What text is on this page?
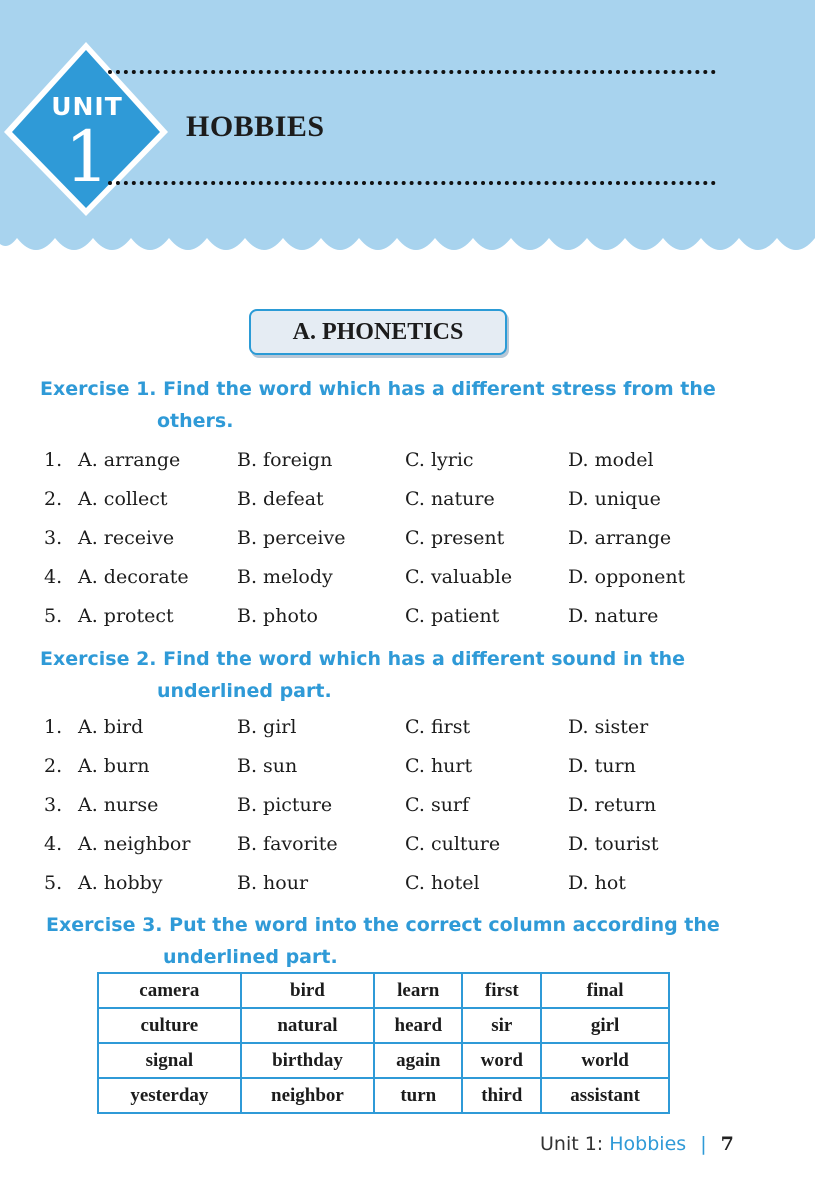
UNIT
1	HOBBIES
A. PHONETICS
Exercise 1. Find the word which has a different stress from the
others.
1. A. arrange	B. foreign	C. lyric	D. model
2. A. collect	B. defeat	C. nature	D. unique
3. A. receive	B. perceive	C. present	D. arrange
4. A. decorate	B. melody	C. valuable	D. opponent
5. A. protect	B. photo	C. patient	D. nature
Exercise 2. Find the word which has a different sound in the
underlined part.
1. A. bird	B. girl	C. first	D. sister
2. A. burn	B. sun	C. hurt	D. turn
3. A. nurse	B. picture	C. surf	D. return
4. A. neighbor B. favorite	C. culture	D. tourist
5. A. hobby	B. hour	C. hotel	D. hot
Exercise 3. Put the word into the correct column according the
underlined part.
camera	bird	learn	first	final
culture	natural	heard	sir	girl
signal	birthday	again	word	world
yesterday	neighbor	turn	third	assistant
Unit 1: Hobbies | 7
